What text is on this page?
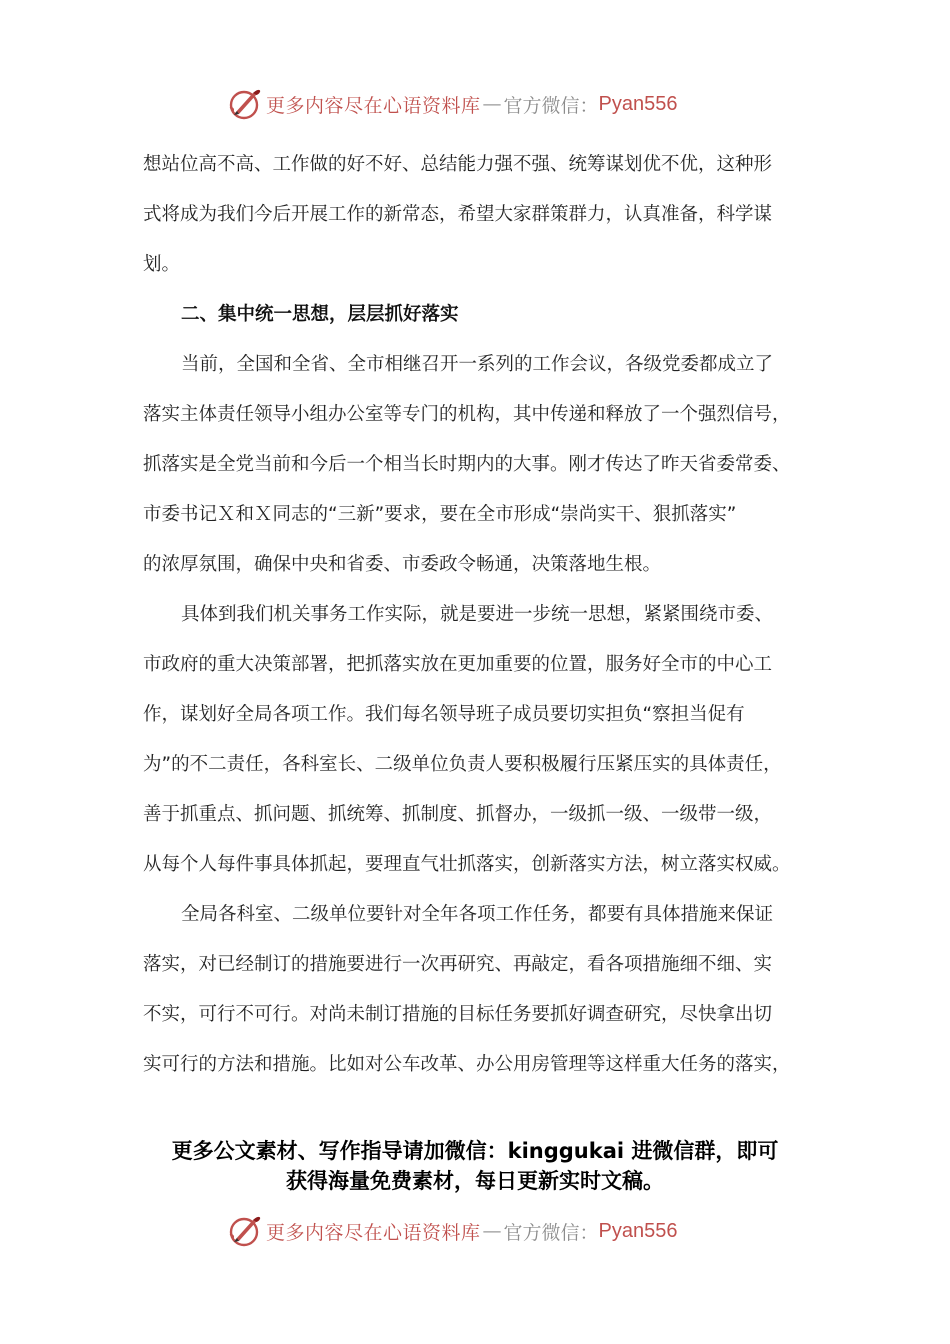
更多内容尽在心语资料库 — 官方微信： Pyan556
想站位高不高、工作做的好不好、总结能力强不强、统筹谋划优不优，这种形
式将成为我们今后开展工作的新常态，希望大家群策群力，认真准备，科学谋
划。
二、集中统一思想，层层抓好落实
当前，全国和全省、全市相继召开一系列的工作会议，各级党委都成立了
落实主体责任领导小组办公室等专门的机构，其中传递和释放了一个强烈信号，
抓落实是全党当前和今后一个相当长时期内的大事。刚才传达了昨天省委常委、
市委书记Ｘ和Ｘ同志的“三新”要求，要在全市形成“崇尚实干、狠抓落实”
的浓厚氛围，确保中央和省委、市委政令畅通，决策落地生根。
具体到我们机关事务工作实际，就是要进一步统一思想，紧紧围绕市委、
市政府的重大决策部署，把抓落实放在更加重要的位置，服务好全市的中心工
作，谋划好全局各项工作。我们每名领导班子成员要切实担负“察担当促有
为”的不二责任，各科室长、二级单位负责人要积极履行压紧压实的具体责任，
善于抓重点、抓问题、抓统筹、抓制度、抓督办，一级抓一级、一级带一级，
从每个人每件事具体抓起，要理直气壮抓落实，创新落实方法，树立落实权威。
全局各科室、二级单位要针对全年各项工作任务，都要有具体措施来保证
落实，对已经制订的措施要进行一次再研究、再敲定，看各项措施细不细、实
不实，可行不可行。对尚未制订措施的目标任务要抓好调查研究，尽快拿出切
实可行的方法和措施。比如对公车改革、办公用房管理等这样重大任务的落实，
更多公文素材、写作指导请加微信：kinggukai 进微信群，即可
获得海量免费素材，每日更新实时文稿。
更多内容尽在心语资料库 — 官方微信： Pyan556
